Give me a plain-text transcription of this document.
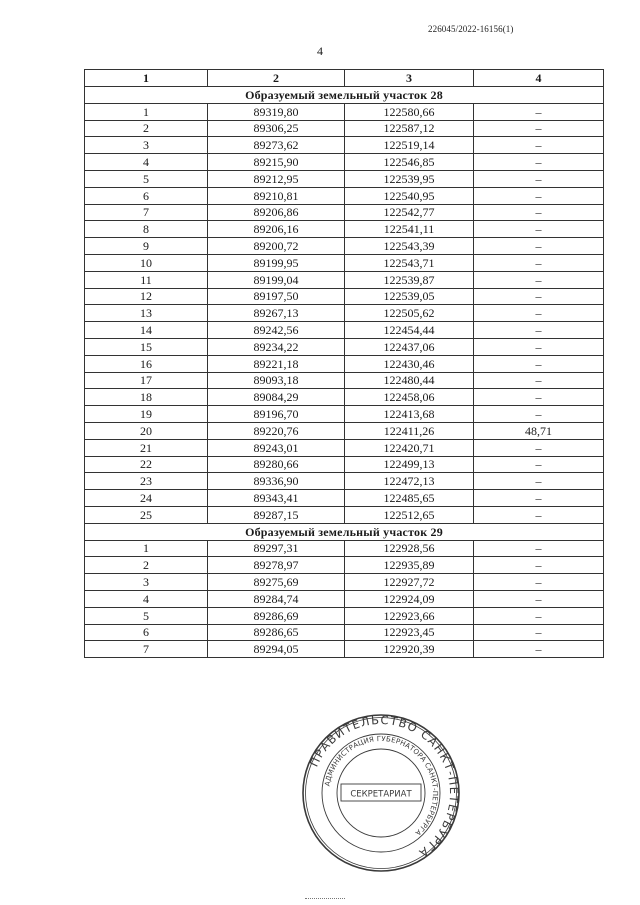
226045/2022-16156(1)
4
1	2	3	4
Образуемый земельный участок 28			
1	89319,80	122580,66	–
2	89306,25	122587,12	–
3	89273,62	122519,14	–
4	89215,90	122546,85	–
5	89212,95	122539,95	–
6	89210,81	122540,95	–
7	89206,86	122542,77	–
8	89206,16	122541,11	–
9	89200,72	122543,39	–
10	89199,95	122543,71	–
11	89199,04	122539,87	–
12	89197,50	122539,05	–
13	89267,13	122505,62	–
14	89242,56	122454,44	–
15	89234,22	122437,06	–
16	89221,18	122430,46	–
17	89093,18	122480,44	–
18	89084,29	122458,06	–
19	89196,70	122413,68	–
20	89220,76	122411,26	48,71
21	89243,01	122420,71	–
22	89280,66	122499,13	–
23	89336,90	122472,13	–
24	89343,41	122485,65	–
25	89287,15	122512,65	–
Образуемый земельный участок 29			
1	89297,31	122928,56	–
2	89278,97	122935,89	–
3	89275,69	122927,72	–
4	89284,74	122924,09	–
5	89286,69	122923,66	–
6	89286,65	122923,45	–
7	89294,05	122920,39	–
ПРАВИТЕЛЬСТВО САНКТ-ПЕТЕРБУРГА
АДМИНИСТРАЦИЯ ГУБЕРНАТОРА САНКТ-ПЕТЕРБУРГА
СЕКРЕТАРИАТ
